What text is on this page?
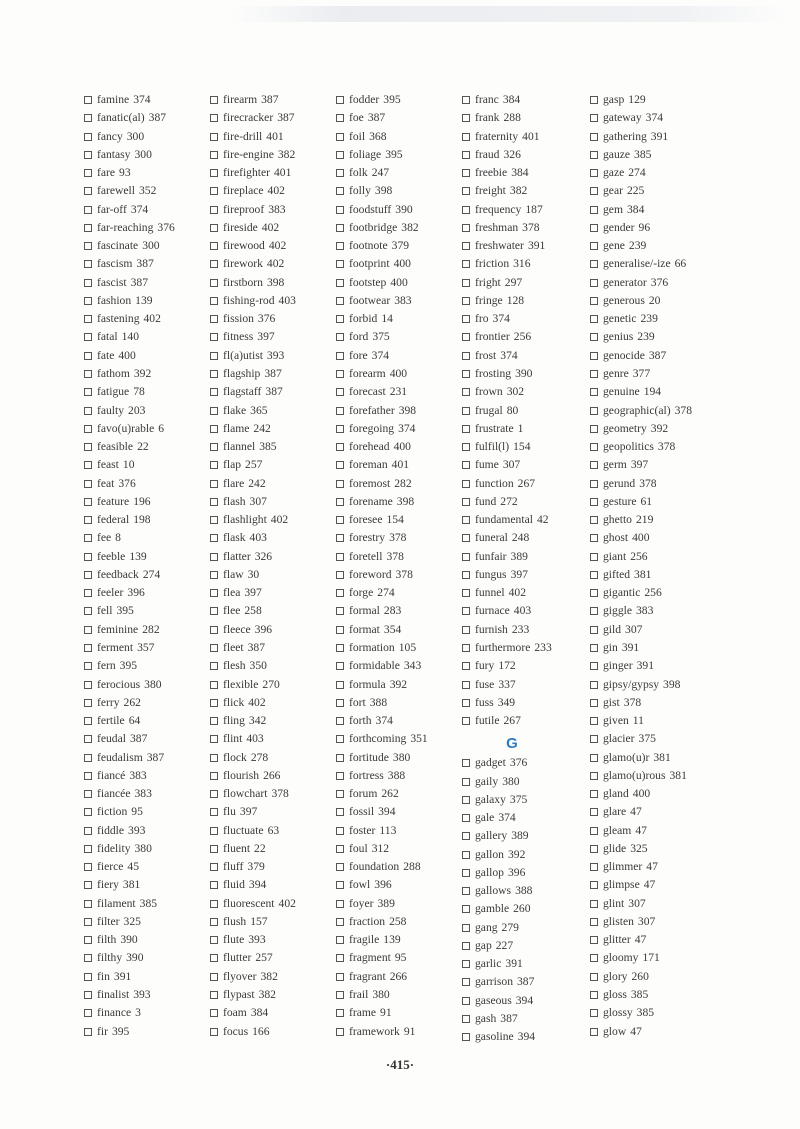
famine 374
fanatic(al) 387
fancy 300
fantasy 300
fare 93
farewell 352
far-off 374
far-reaching 376
fascinate 300
fascism 387
fascist 387
fashion 139
fastening 402
fatal 140
fate 400
fathom 392
fatigue 78
faulty 203
favo(u)rable 6
feasible 22
feast 10
feat 376
feature 196
federal 198
fee 8
feeble 139
feedback 274
feeler 396
fell 395
feminine 282
ferment 357
fern 395
ferocious 380
ferry 262
fertile 64
feudal 387
feudalism 387
fiancé 383
fiancée 383
fiction 95
fiddle 393
fidelity 380
fierce 45
fiery 381
filament 385
filter 325
filth 390
filthy 390
fin 391
finalist 393
finance 3
fir 395
firearm 387
firecracker 387
fire-drill 401
fire-engine 382
firefighter 401
fireplace 402
fireproof 383
fireside 402
firewood 402
firework 402
firstborn 398
fishing-rod 403
fission 376
fitness 397
fl(a)utist 393
flagship 387
flagstaff 387
flake 365
flame 242
flannel 385
flap 257
flare 242
flash 307
flashlight 402
flask 403
flatter 326
flaw 30
flea 397
flee 258
fleece 396
fleet 387
flesh 350
flexible 270
flick 402
fling 342
flint 403
flock 278
flourish 266
flowchart 378
flu 397
fluctuate 63
fluent 22
fluff 379
fluid 394
fluorescent 402
flush 157
flute 393
flutter 257
flyover 382
flypast 382
foam 384
focus 166
fodder 395
foe 387
foil 368
foliage 395
folk 247
folly 398
foodstuff 390
footbridge 382
footnote 379
footprint 400
footstep 400
footwear 383
forbid 14
ford 375
fore 374
forearm 400
forecast 231
forefather 398
foregoing 374
forehead 400
foreman 401
foremost 282
forename 398
foresee 154
forestry 378
foretell 378
foreword 378
forge 274
formal 283
format 354
formation 105
formidable 343
formula 392
fort 388
forth 374
forthcoming 351
fortitude 380
fortress 388
forum 262
fossil 394
foster 113
foul 312
foundation 288
fowl 396
foyer 389
fraction 258
fragile 139
fragment 95
fragrant 266
frail 380
frame 91
framework 91
franc 384
frank 288
fraternity 401
fraud 326
freebie 384
freight 382
frequency 187
freshman 378
freshwater 391
friction 316
fright 297
fringe 128
fro 374
frontier 256
frost 374
frosting 390
frown 302
frugal 80
frustrate 1
fulfil(l) 154
fume 307
function 267
fund 272
fundamental 42
funeral 248
funfair 389
fungus 397
funnel 402
furnace 403
furnish 233
furthermore 233
fury 172
fuse 337
fuss 349
futile 267
G
gadget 376
gaily 380
galaxy 375
gale 374
gallery 389
gallon 392
gallop 396
gallows 388
gamble 260
gang 279
gap 227
garlic 391
garrison 387
gaseous 394
gash 387
gasoline 394
gasp 129
gateway 374
gathering 391
gauze 385
gaze 274
gear 225
gem 384
gender 96
gene 239
generalise/-ize 66
generator 376
generous 20
genetic 239
genius 239
genocide 387
genre 377
genuine 194
geographic(al) 378
geometry 392
geopolitics 378
germ 397
gerund 378
gesture 61
ghetto 219
ghost 400
giant 256
gifted 381
gigantic 256
giggle 383
gild 307
gin 391
ginger 391
gipsy/gypsy 398
gist 378
given 11
glacier 375
glamo(u)r 381
glamo(u)rous 381
gland 400
glare 47
gleam 47
glide 325
glimmer 47
glimpse 47
glint 307
glisten 307
glitter 47
gloomy 171
glory 260
gloss 385
glossy 385
glow 47
·415·
